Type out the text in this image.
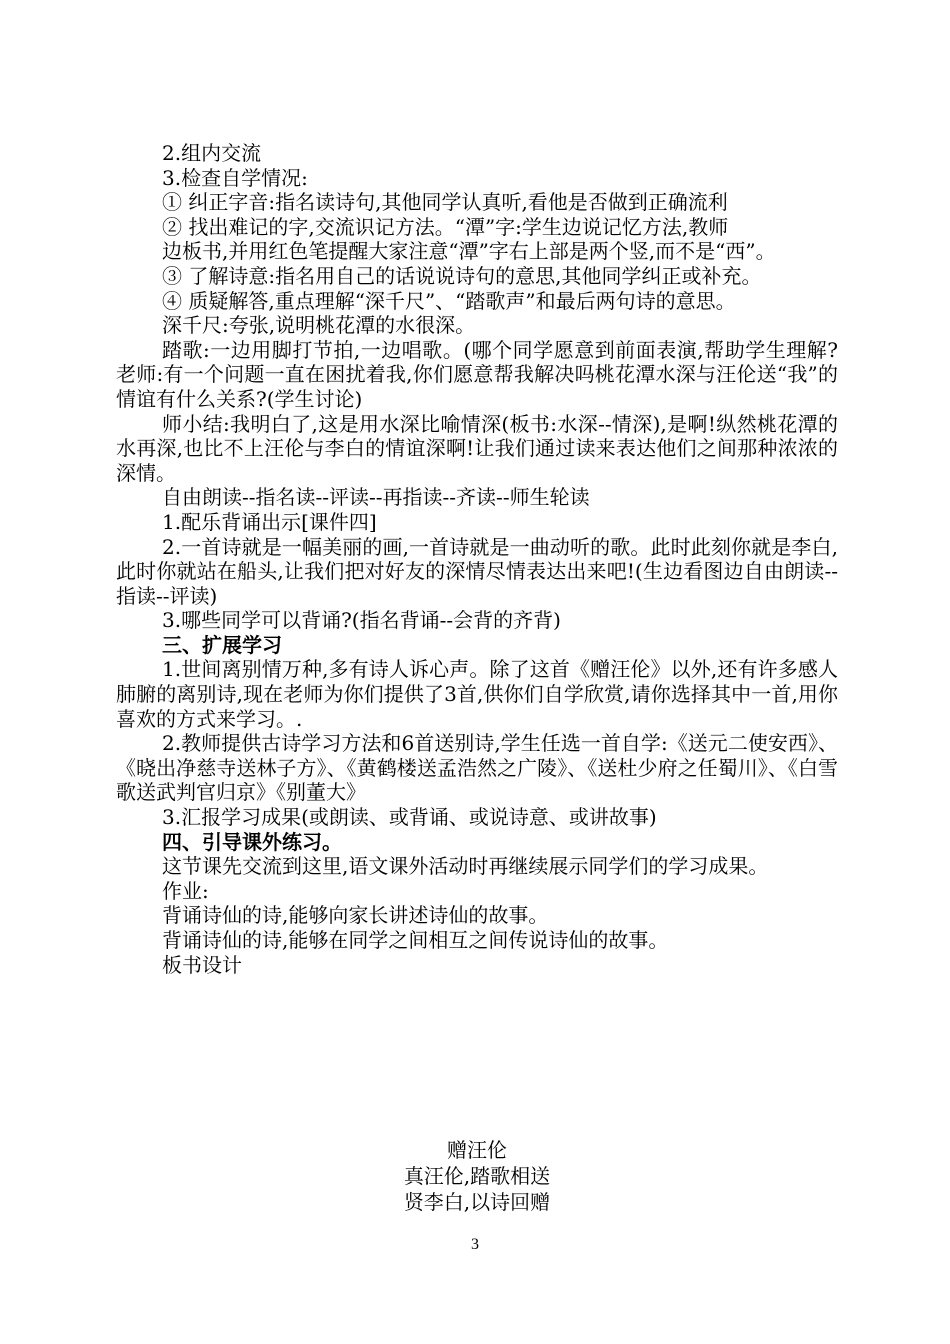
2.组内交流

3.检查自学情况:

① 纠正字音:指名读诗句,其他同学认真听,看他是否做到正确流利

② 找出难记的字,交流识记方法。“潭”字:学生边说记忆方法,教师

边板书,并用红色笔提醒大家注意“潭”字右上部是两个竖,而不是“西”。

③ 了解诗意:指名用自己的话说说诗句的意思,其他同学纠正或补充。

④ 质疑解答,重点理解“深千尺”、“踏歌声”和最后两句诗的意思。

深千尺:夸张,说明桃花潭的水很深。

踏歌:一边用脚打节拍,一边唱歌。(哪个同学愿意到前面表演,帮助学生理解?老师:有一个问题一直在困扰着我,你们愿意帮我解决吗桃花潭水深与汪伦送“我”的情谊有什么关系?(学生讨论)

师小结:我明白了,这是用水深比喻情深(板书:水深--情深),是啊!纵然桃花潭的水再深,也比不上汪伦与李白的情谊深啊!让我们通过读来表达他们之间那种浓浓的深情。

自由朗读--指名读--评读--再指读--齐读--师生轮读

1.配乐背诵出示[课件四]

2.一首诗就是一幅美丽的画,一首诗就是一曲动听的歌。此时此刻你就是李白,此时你就站在船头,让我们把对好友的深情尽情表达出来吧!(生边看图边自由朗读--指读--评读)

3.哪些同学可以背诵?(指名背诵--会背的齐背)

三、扩展学习

1.世间离别情万种,多有诗人诉心声。除了这首《赠汪伦》以外,还有许多感人肺腑的离别诗,现在老师为你们提供了3首,供你们自学欣赏,请你选择其中一首,用你喜欢的方式来学习。.

2.教师提供古诗学习方法和6首送别诗,学生任选一首自学:《送元二使安西》、《晓出净慈寺送林子方》、《黄鹤楼送孟浩然之广陵》、《送杜少府之任蜀川》、《白雪歌送武判官归京》《别董大》

3.汇报学习成果(或朗读、或背诵、或说诗意、或讲故事)

四、引导课外练习。

这节课先交流到这里,语文课外活动时再继续展示同学们的学习成果。

作业:

背诵诗仙的诗,能够向家长讲述诗仙的故事。

背诵诗仙的诗,能够在同学之间相互之间传说诗仙的故事。

板书设计

赠汪伦
真汪伦,踏歌相送
贤李白,以诗回赠
3
